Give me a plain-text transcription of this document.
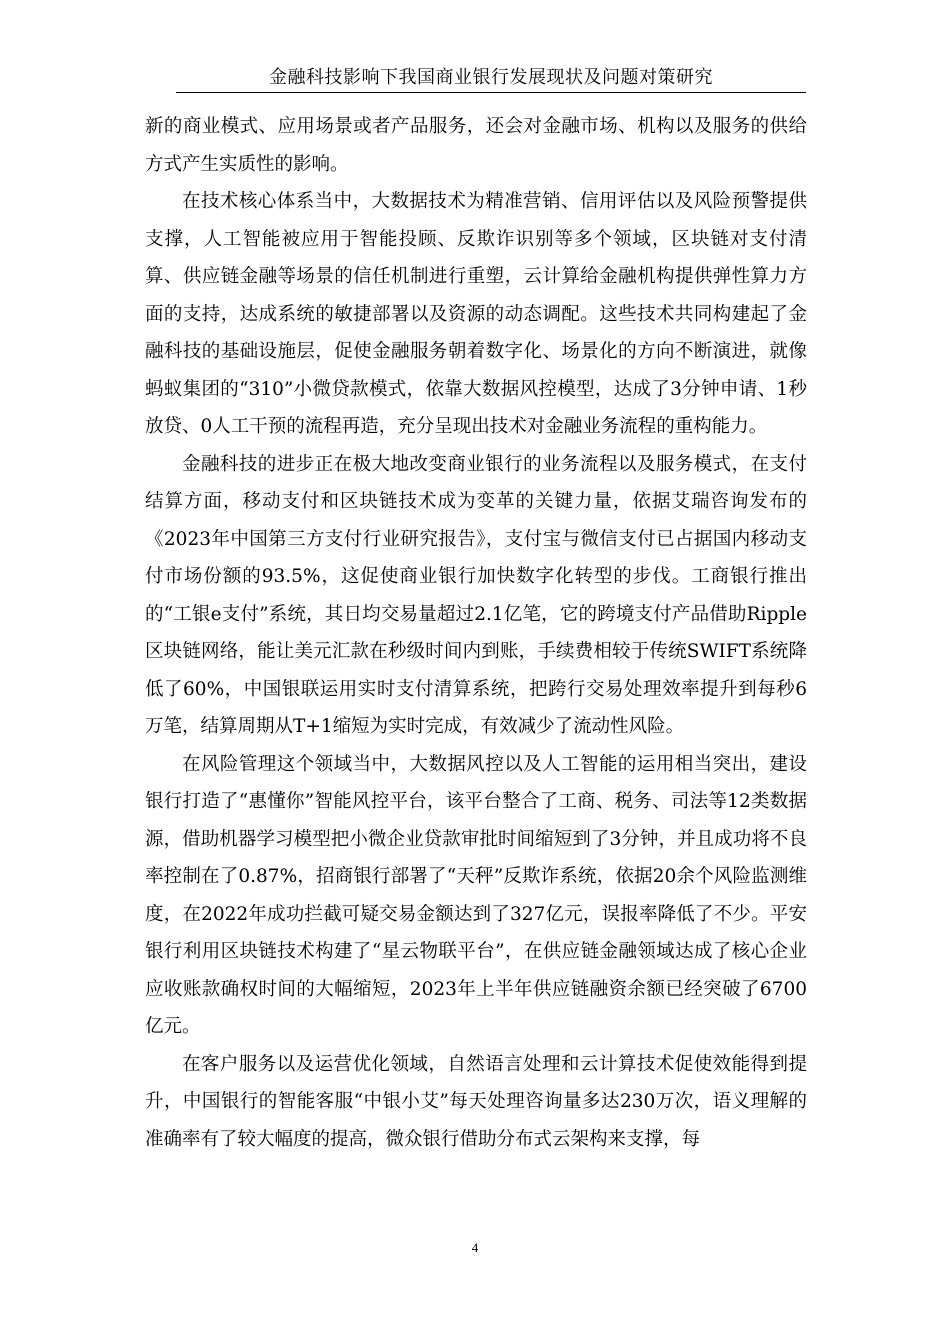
金融科技影响下我国商业银行发展现状及问题对策研究

新的商业模式、应用场景或者产品服务，还会对金融市场、机构以及服务的供给方式产生实质性的影响。

在技术核心体系当中，大数据技术为精准营销、信用评估以及风险预警提供支撑，人工智能被应用于智能投顾、反欺诈识别等多个领域，区块链对支付清算、供应链金融等场景的信任机制进行重塑，云计算给金融机构提供弹性算力方面的支持，达成系统的敏捷部署以及资源的动态调配。这些技术共同构建起了金融科技的基础设施层，促使金融服务朝着数字化、场景化的方向不断演进，就像蚂蚁集团的“310”小微贷款模式，依靠大数据风控模型，达成了3分钟申请、1秒放贷、0人工干预的流程再造，充分呈现出技术对金融业务流程的重构能力。

金融科技的进步正在极大地改变商业银行的业务流程以及服务模式，在支付结算方面，移动支付和区块链技术成为变革的关键力量，依据艾瑞咨询发布的《2023年中国第三方支付行业研究报告》，支付宝与微信支付已占据国内移动支付市场份额的93.5%，这促使商业银行加快数字化转型的步伐。工商银行推出的“工银e支付”系统，其日均交易量超过2.1亿笔，它的跨境支付产品借助Ripple区块链网络，能让美元汇款在秒级时间内到账，手续费相较于传统SWIFT系统降低了60%，中国银联运用实时支付清算系统，把跨行交易处理效率提升到每秒6万笔，结算周期从T+1缩短为实时完成，有效减少了流动性风险。

在风险管理这个领域当中，大数据风控以及人工智能的运用相当突出，建设银行打造了“惠懂你”智能风控平台，该平台整合了工商、税务、司法等12类数据源，借助机器学习模型把小微企业贷款审批时间缩短到了3分钟，并且成功将不良率控制在了0.87%，招商银行部署了“天秤”反欺诈系统，依据20余个风险监测维度，在2022年成功拦截可疑交易金额达到了327亿元，误报率降低了不少。平安银行利用区块链技术构建了“星云物联平台”，在供应链金融领域达成了核心企业应收账款确权时间的大幅缩短，2023年上半年供应链融资余额已经突破了6700亿元。

在客户服务以及运营优化领域，自然语言处理和云计算技术促使效能得到提升，中国银行的智能客服“中银小艾”每天处理咨询量多达230万次，语义理解的准确率有了较大幅度的提高，微众银行借助分布式云架构来支撑，每

4
